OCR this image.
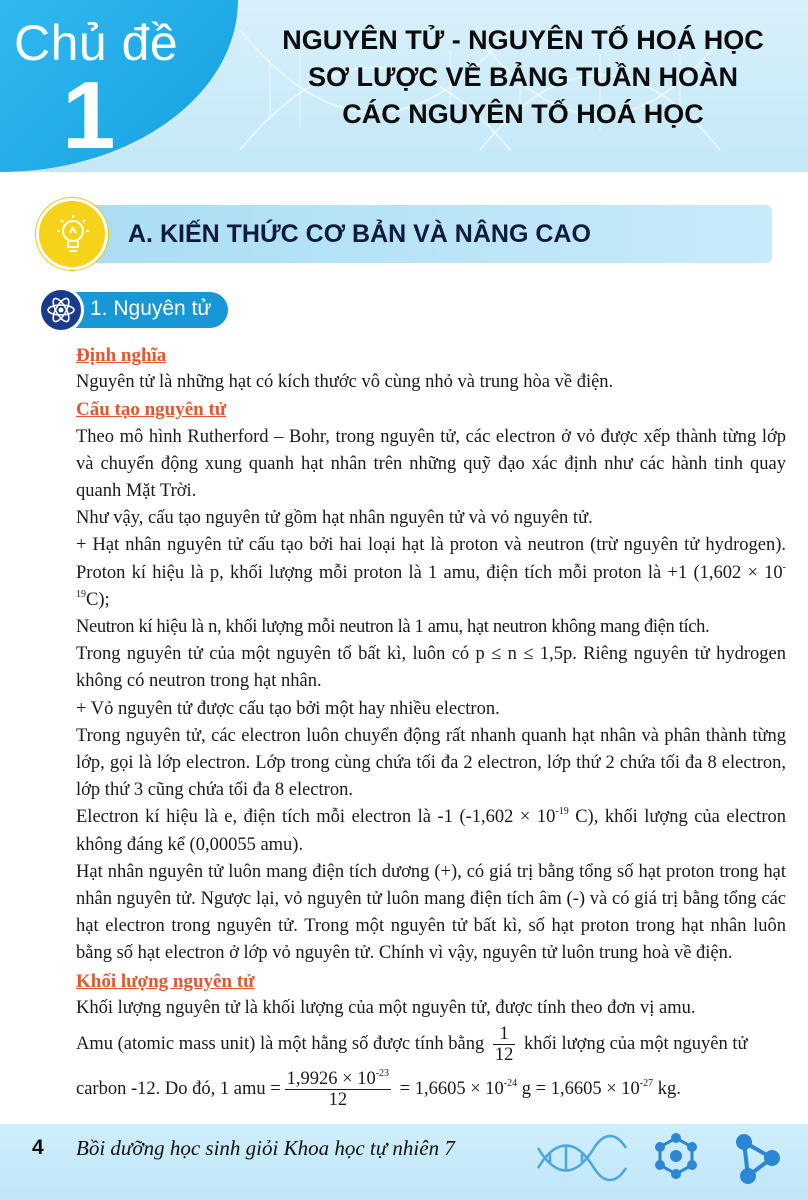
Chủ đề
1
NGUYÊN TỬ - NGUYÊN TỐ HOÁ HỌC
SƠ LƯỢC VỀ BẢNG TUẦN HOÀN
CÁC NGUYÊN TỐ HOÁ HỌC
A. KIẾN THỨC CƠ BẢN VÀ NÂNG CAO
1. Nguyên tử
Định nghĩa

Nguyên tử là những hạt có kích thước vô cùng nhỏ và trung hòa về điện.

Cấu tạo nguyên tử

Theo mô hình Rutherford – Bohr, trong nguyên tử, các electron ở vỏ được xếp thành từng lớp và chuyển động xung quanh hạt nhân trên những quỹ đạo xác định như các hành tinh quay quanh Mặt Trời.

Như vậy, cấu tạo nguyên tử gồm hạt nhân nguyên tử và vỏ nguyên tử.

+ Hạt nhân nguyên tử cấu tạo bởi hai loại hạt là proton và neutron (trừ nguyên tử hydrogen). Proton kí hiệu là p, khối lượng mỗi proton là 1 amu, điện tích mỗi proton là +1 $(1,602 \times 10^{-19}C)$;

Neutron kí hiệu là n, khối lượng mỗi neutron là 1 amu, hạt neutron không mang điện tích.

Trong nguyên tử của một nguyên tố bất kì, luôn có p ≤ n ≤ 1,5p. Riêng nguyên tử hydrogen không có neutron trong hạt nhân.

+ Vỏ nguyên tử được cấu tạo bởi một hay nhiều electron.

Trong nguyên tử, các electron luôn chuyển động rất nhanh quanh hạt nhân và phân thành từng lớp, gọi là lớp electron. Lớp trong cùng chứa tối đa 2 electron, lớp thứ 2 chứa tối đa 8 electron, lớp thứ 3 cũng chứa tối đa 8 electron.

Electron kí hiệu là e, điện tích mỗi electron là -1 ($-1,602 \times 10^{-19}$ C), khối lượng của electron không đáng kể (0,00055 amu).

Hạt nhân nguyên tử luôn mang điện tích dương (+), có giá trị bằng tổng số hạt proton trong hạt nhân nguyên tử. Ngược lại, vỏ nguyên tử luôn mang điện tích âm (-) và có giá trị bằng tổng các hạt electron trong nguyên tử. Trong một nguyên tử bất kì, số hạt proton trong hạt nhân luôn bằng số hạt electron ở lớp vỏ nguyên tử. Chính vì vậy, nguyên tử luôn trung hoà về điện.

Khối lượng nguyên tử

Khối lượng nguyên tử là khối lượng của một nguyên tử, được tính theo đơn vị amu.

Amu (atomic mass unit) là một hằng số được tính bằng $\frac{1}{12}$ khối lượng của một nguyên tử

carbon -12. Do đó, 1 amu = $\frac{1,9926 \times 10^{-23}}{12} = 1,6605 \times 10^{-24}$ $g = 1,6605 \times 10^{-27}$ kg.

4 Bồi dưỡng học sinh giỏi Khoa học tự nhiên 7
